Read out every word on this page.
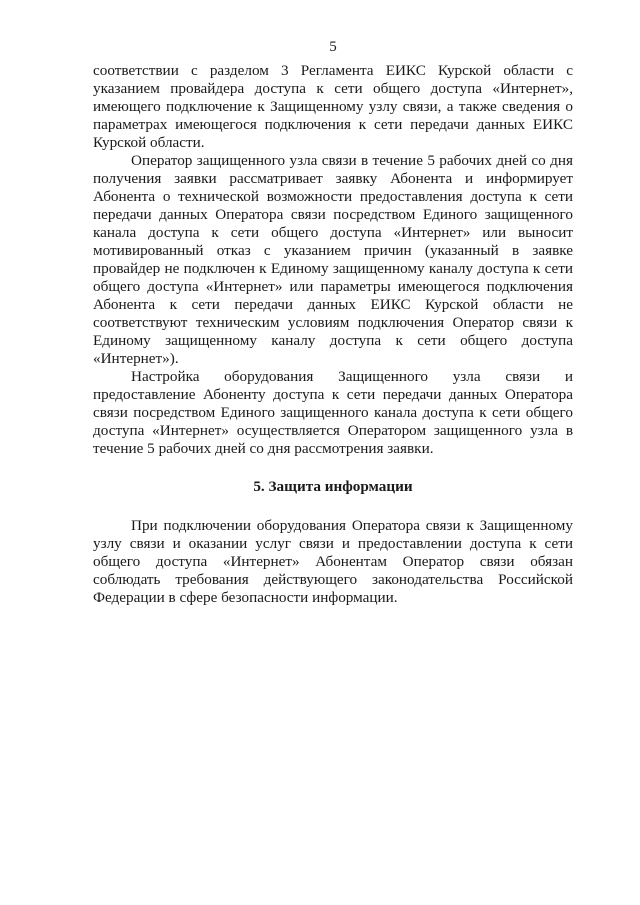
5

соответствии с разделом 3 Регламента ЕИКС Курской области с указанием провайдера доступа к сети общего доступа «Интернет», имеющего подключение к Защищенному узлу связи, а также сведения о параметрах имеющегося подключения к сети передачи данных ЕИКС Курской области.

Оператор защищенного узла связи в течение 5 рабочих дней со дня получения заявки рассматривает заявку Абонента и информирует Абонента о технической возможности предоставления доступа к сети передачи данных Оператора связи посредством Единого защищенного канала доступа к сети общего доступа «Интернет» или выносит мотивированный отказ с указанием причин (указанный в заявке провайдер не подключен к Единому защищенному каналу доступа к сети общего доступа «Интернет» или параметры имеющегося подключения Абонента к сети передачи данных ЕИКС Курской области не соответствуют техническим условиям подключения Оператор связи к Единому защищенному каналу доступа к сети общего доступа «Интернет»).

Настройка оборудования Защищенного узла связи и предоставление Абоненту доступа к сети передачи данных Оператора связи посредством Единого защищенного канала доступа к сети общего доступа «Интернет» осуществляется Оператором защищенного узла в течение 5 рабочих дней со дня рассмотрения заявки.

5. Защита информации

При подключении оборудования Оператора связи к Защищенному узлу связи и оказании услуг связи и предоставлении доступа к сети общего доступа «Интернет» Абонентам Оператор связи обязан соблюдать требования действующего законодательства Российской Федерации в сфере безопасности информации.
